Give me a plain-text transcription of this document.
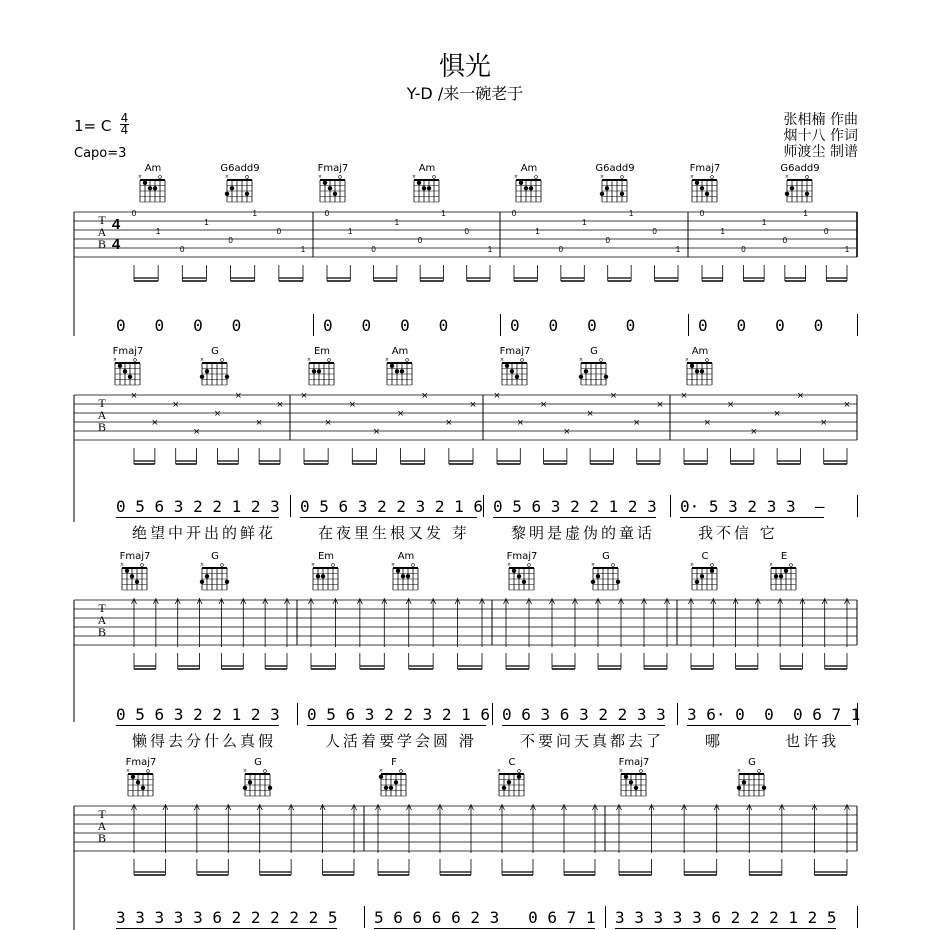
惧光
Y-D /来一碗老于
1= C 4
4
Capo=3
张相楠 作曲
烟十八 作词
师渡尘 制谱
T
A
B
4
4
0
1
0
1
0
1
0
1
0
1
0
1
0
1
0
1
0
1
0
1
0
1
0
1
0
1
0
1
0
1
0
1
T
A
B
×
×
×
×
×
×
×
×
×
×
×
×
×
×
×
×
×
×
×
×
×
×
×
×
×
×
×
×
×
×
×
×
T
A
B
T
A
B
Am
×
G6add9
×
Fmaj7
×
Am
×
Am
×
G6add9
×
Fmaj7
×
G6add9
×
0   0   0   0	0   0   0   0	0   0   0   0	0   0   0   0
Fmaj7
×
G
×
Em
×
Am
×
Fmaj7
×
G
×
Am
×
0 5 6 3 2 2 1 2 3 0 5 6 3 2 2 3 2 1 6 0 5 6 3 2 2 1 2 3 0· 5 3 2 3 3  –
绝望中开出的鲜花	在夜里生根又发 芽	黎明是虚伪的童话	我不信 它
Fmaj7
×
G
×
Em
×
Am
×
Fmaj7
×
G
×
C
×
E
×
0 5 6 3 2 2 1 2 3 0 5 6 3 2 2 3 2 1 6 0 6 3 6 3 2 2 3 3 3 6· 0  0  0 6 7 1
懒得去分什么真假	人活着要学会圆 滑	不要问天真都去了	哪        也许我
Fmaj7
×
G
×
F
×
C
×
Fmaj7
×
G
×
3 3 3 3 3 6 2 2 2 2 2 5 5 6 6 6 6 2 3   0 6 7 1 3 3 3 3 3 6 2 2 2 1 2 5
